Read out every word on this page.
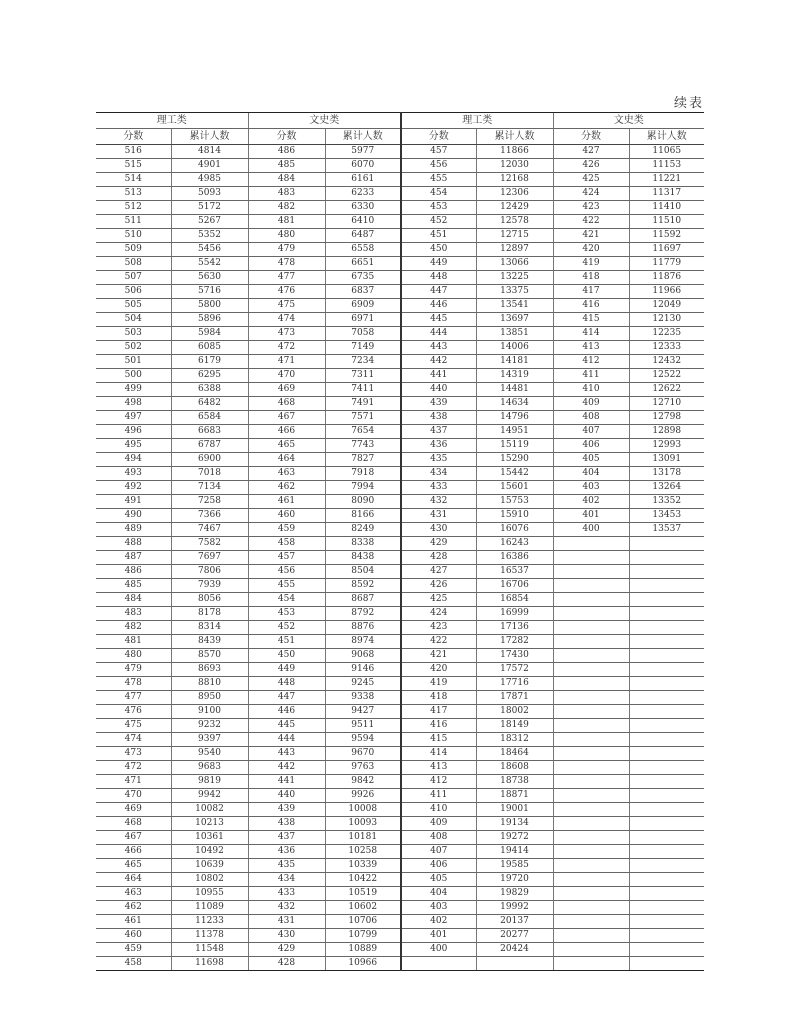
续表
理工类		文史类		理工类		文史类	
分数	累计人数	分数	累计人数	分数	累计人数	分数	累计人数
516	4814	486	5977	457	11866	427	11065
515	4901	485	6070	456	12030	426	11153
514	4985	484	6161	455	12168	425	11221
513	5093	483	6233	454	12306	424	11317
512	5172	482	6330	453	12429	423	11410
511	5267	481	6410	452	12578	422	11510
510	5352	480	6487	451	12715	421	11592
509	5456	479	6558	450	12897	420	11697
508	5542	478	6651	449	13066	419	11779
507	5630	477	6735	448	13225	418	11876
506	5716	476	6837	447	13375	417	11966
505	5800	475	6909	446	13541	416	12049
504	5896	474	6971	445	13697	415	12130
503	5984	473	7058	444	13851	414	12235
502	6085	472	7149	443	14006	413	12333
501	6179	471	7234	442	14181	412	12432
500	6295	470	7311	441	14319	411	12522
499	6388	469	7411	440	14481	410	12622
498	6482	468	7491	439	14634	409	12710
497	6584	467	7571	438	14796	408	12798
496	6683	466	7654	437	14951	407	12898
495	6787	465	7743	436	15119	406	12993
494	6900	464	7827	435	15290	405	13091
493	7018	463	7918	434	15442	404	13178
492	7134	462	7994	433	15601	403	13264
491	7258	461	8090	432	15753	402	13352
490	7366	460	8166	431	15910	401	13453
489	7467	459	8249	430	16076	400	13537
488	7582	458	8338	429	16243		
487	7697	457	8438	428	16386		
486	7806	456	8504	427	16537		
485	7939	455	8592	426	16706		
484	8056	454	8687	425	16854		
483	8178	453	8792	424	16999		
482	8314	452	8876	423	17136		
481	8439	451	8974	422	17282		
480	8570	450	9068	421	17430		
479	8693	449	9146	420	17572		
478	8810	448	9245	419	17716		
477	8950	447	9338	418	17871		
476	9100	446	9427	417	18002		
475	9232	445	9511	416	18149		
474	9397	444	9594	415	18312		
473	9540	443	9670	414	18464		
472	9683	442	9763	413	18608		
471	9819	441	9842	412	18738		
470	9942	440	9926	411	18871		
469	10082	439	10008	410	19001		
468	10213	438	10093	409	19134		
467	10361	437	10181	408	19272		
466	10492	436	10258	407	19414		
465	10639	435	10339	406	19585		
464	10802	434	10422	405	19720		
463	10955	433	10519	404	19829		
462	11089	432	10602	403	19992		
461	11233	431	10706	402	20137		
460	11378	430	10799	401	20277		
459	11548	429	10889	400	20424		
458	11698	428	10966				
